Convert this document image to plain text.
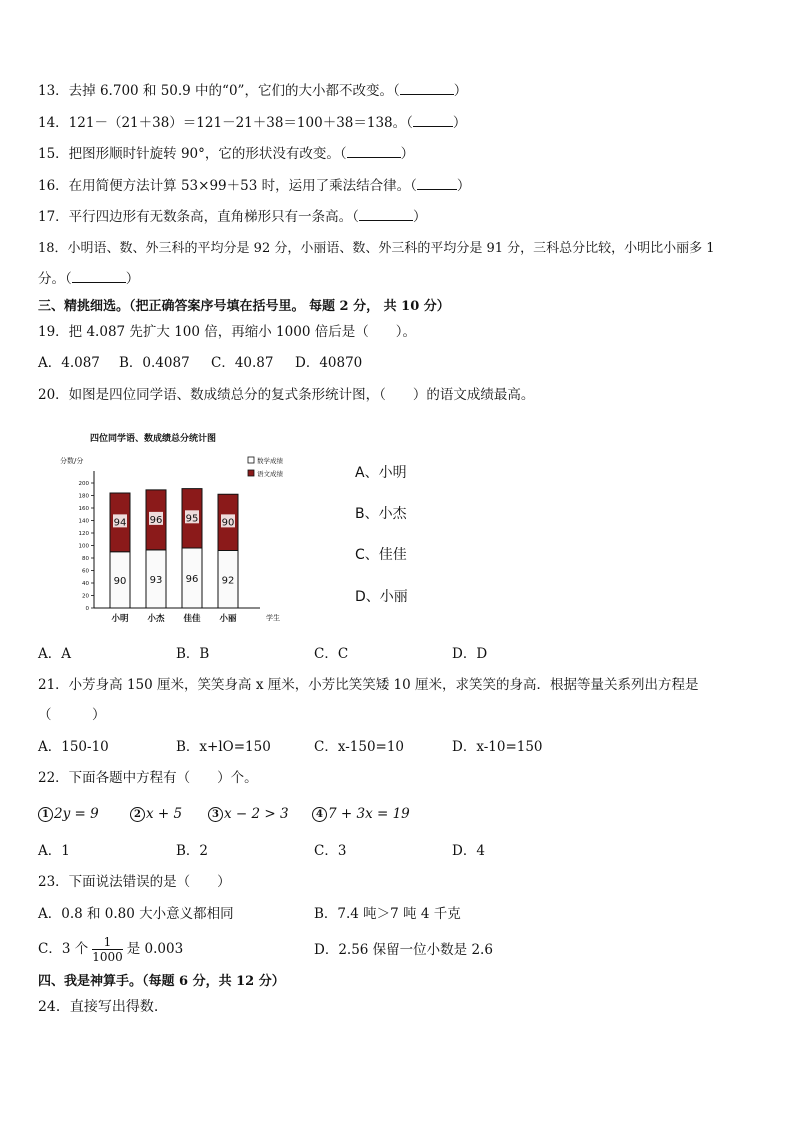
13．去掉 6.700 和 50.9 中的“0”，它们的大小都不改变。（	）
14．121－（21＋38）＝121－21＋38＝100＋38＝138。（	）
15．把图形顺时针旋转 90°，它的形状没有改变。（	）
16．在用简便方法计算 53×99＋53 时，运用了乘法结合律。（	）
17．平行四边形有无数条高，直角梯形只有一条高。（	）
18．小明语、数、外三科的平均分是 92 分，小丽语、数、外三科的平均分是 91 分，三科总分比较，小明比小丽多 1
分。（	）
三、精挑细选。（把正确答案序号填在括号里。 每题 2 分， 共 10 分）
19．把 4.087 先扩大 100 倍，再缩小 1000 倍后是（　　）。
A．4.087 B．0.4087 C．40.87 D．40870
20．如图是四位同学语、数成绩总分的复式条形统计图，（　　）的语文成绩最高。
四位同学语、数成绩总分统计图
分数/分
学生
0
20
40
60
80
100
120
140
160
180
200
数学成绩
语文成绩
90
94
小明
93
96
小杰
96
95
佳佳
92
90
小丽
A、小明
B、小杰
C、佳佳
D、小丽
A．A	B．B	C．C	D．D
21．小芳身高 150 厘米，笑笑身高 x 厘米，小芳比笑笑矮 10 厘米，求笑笑的身高．根据等量关系列出方程是
（　　　）
A．150-10	B．x+lO=150	C．x-150=10	D．x-10=150
22．下面各题中方程有（　　）个。
1 2y = 9	2 x + 5	3 x − 2 > 3	4 7 + 3x = 19
A．1	B．2	C．3	D．4
23．下面说法错误的是（　　）
A．0.8 和 0.80 大小意义都相同	B．7.4 吨＞7 吨 4 千克
C．3 个 $\frac{1}{1000}$ 是 0.003	D．2.56 保留一位小数是 2.6
四、我是神算手。（每题 6 分，共 12 分）
24．直接写出得数.
